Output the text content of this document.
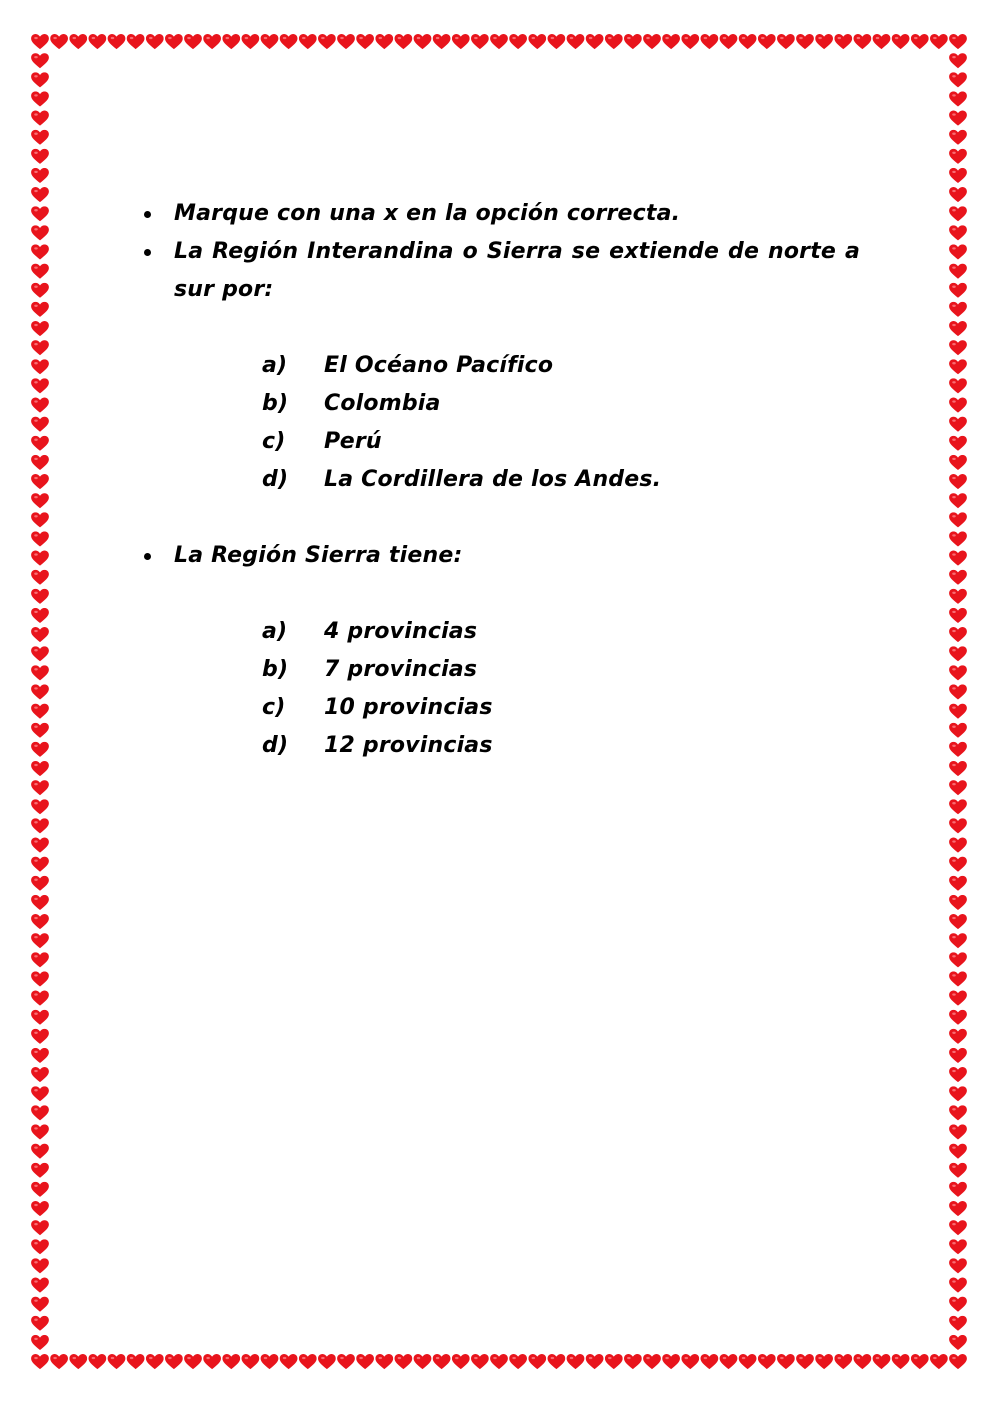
Marque con una x en la opción correcta.
La Región Interandina o Sierra se extiende de norte a sur por:
a) El Océano Pacífico
b) Colombia
c) Perú
d) La Cordillera de los Andes.
La Región Sierra tiene:
a) 4 provincias
b) 7 provincias
c) 10 provincias
d) 12 provincias
